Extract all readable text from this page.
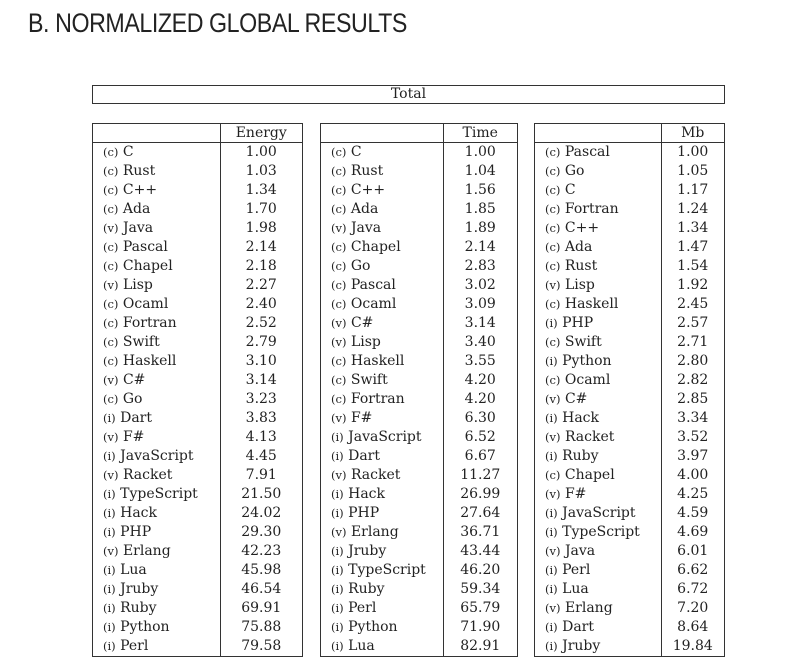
B. NORMALIZED GLOBAL RESULTS
Total
	Energy
(c) C	1.00
(c) Rust	1.03
(c) C++	1.34
(c) Ada	1.70
(v) Java	1.98
(c) Pascal	2.14
(c) Chapel	2.18
(v) Lisp	2.27
(c) Ocaml	2.40
(c) Fortran	2.52
(c) Swift	2.79
(c) Haskell	3.10
(v) C#	3.14
(c) Go	3.23
(i) Dart	3.83
(v) F#	4.13
(i) JavaScript	4.45
(v) Racket	7.91
(i) TypeScript	21.50
(i) Hack	24.02
(i) PHP	29.30
(v) Erlang	42.23
(i) Lua	45.98
(i) Jruby	46.54
(i) Ruby	69.91
(i) Python	75.88
(i) Perl	79.58
	Time
(c) C	1.00
(c) Rust	1.04
(c) C++	1.56
(c) Ada	1.85
(v) Java	1.89
(c) Chapel	2.14
(c) Go	2.83
(c) Pascal	3.02
(c) Ocaml	3.09
(v) C#	3.14
(v) Lisp	3.40
(c) Haskell	3.55
(c) Swift	4.20
(c) Fortran	4.20
(v) F#	6.30
(i) JavaScript	6.52
(i) Dart	6.67
(v) Racket	11.27
(i) Hack	26.99
(i) PHP	27.64
(v) Erlang	36.71
(i) Jruby	43.44
(i) TypeScript	46.20
(i) Ruby	59.34
(i) Perl	65.79
(i) Python	71.90
(i) Lua	82.91
	Mb
(c) Pascal	1.00
(c) Go	1.05
(c) C	1.17
(c) Fortran	1.24
(c) C++	1.34
(c) Ada	1.47
(c) Rust	1.54
(v) Lisp	1.92
(c) Haskell	2.45
(i) PHP	2.57
(c) Swift	2.71
(i) Python	2.80
(c) Ocaml	2.82
(v) C#	2.85
(i) Hack	3.34
(v) Racket	3.52
(i) Ruby	3.97
(c) Chapel	4.00
(v) F#	4.25
(i) JavaScript	4.59
(i) TypeScript	4.69
(v) Java	6.01
(i) Perl	6.62
(i) Lua	6.72
(v) Erlang	7.20
(i) Dart	8.64
(i) Jruby	19.84
